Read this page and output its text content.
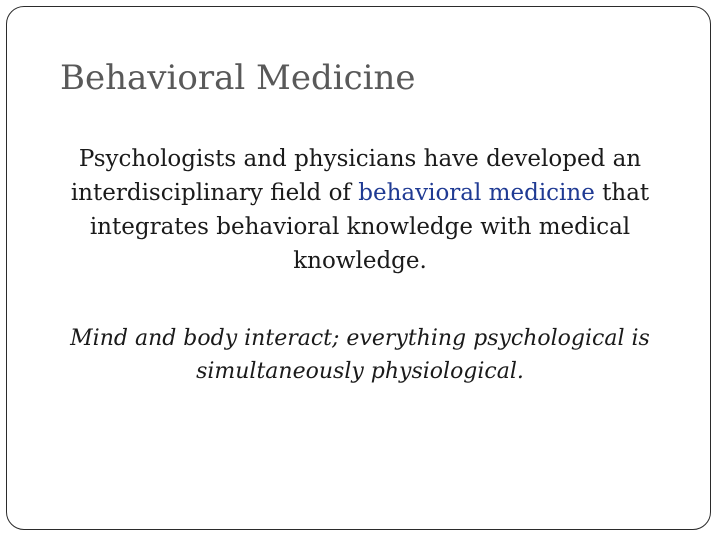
Behavioral Medicine

Psychologists and physicians have developed an interdisciplinary field of behavioral medicine that integrates behavioral knowledge with medical knowledge.

Mind and body interact; everything psychological is simultaneously physiological.
